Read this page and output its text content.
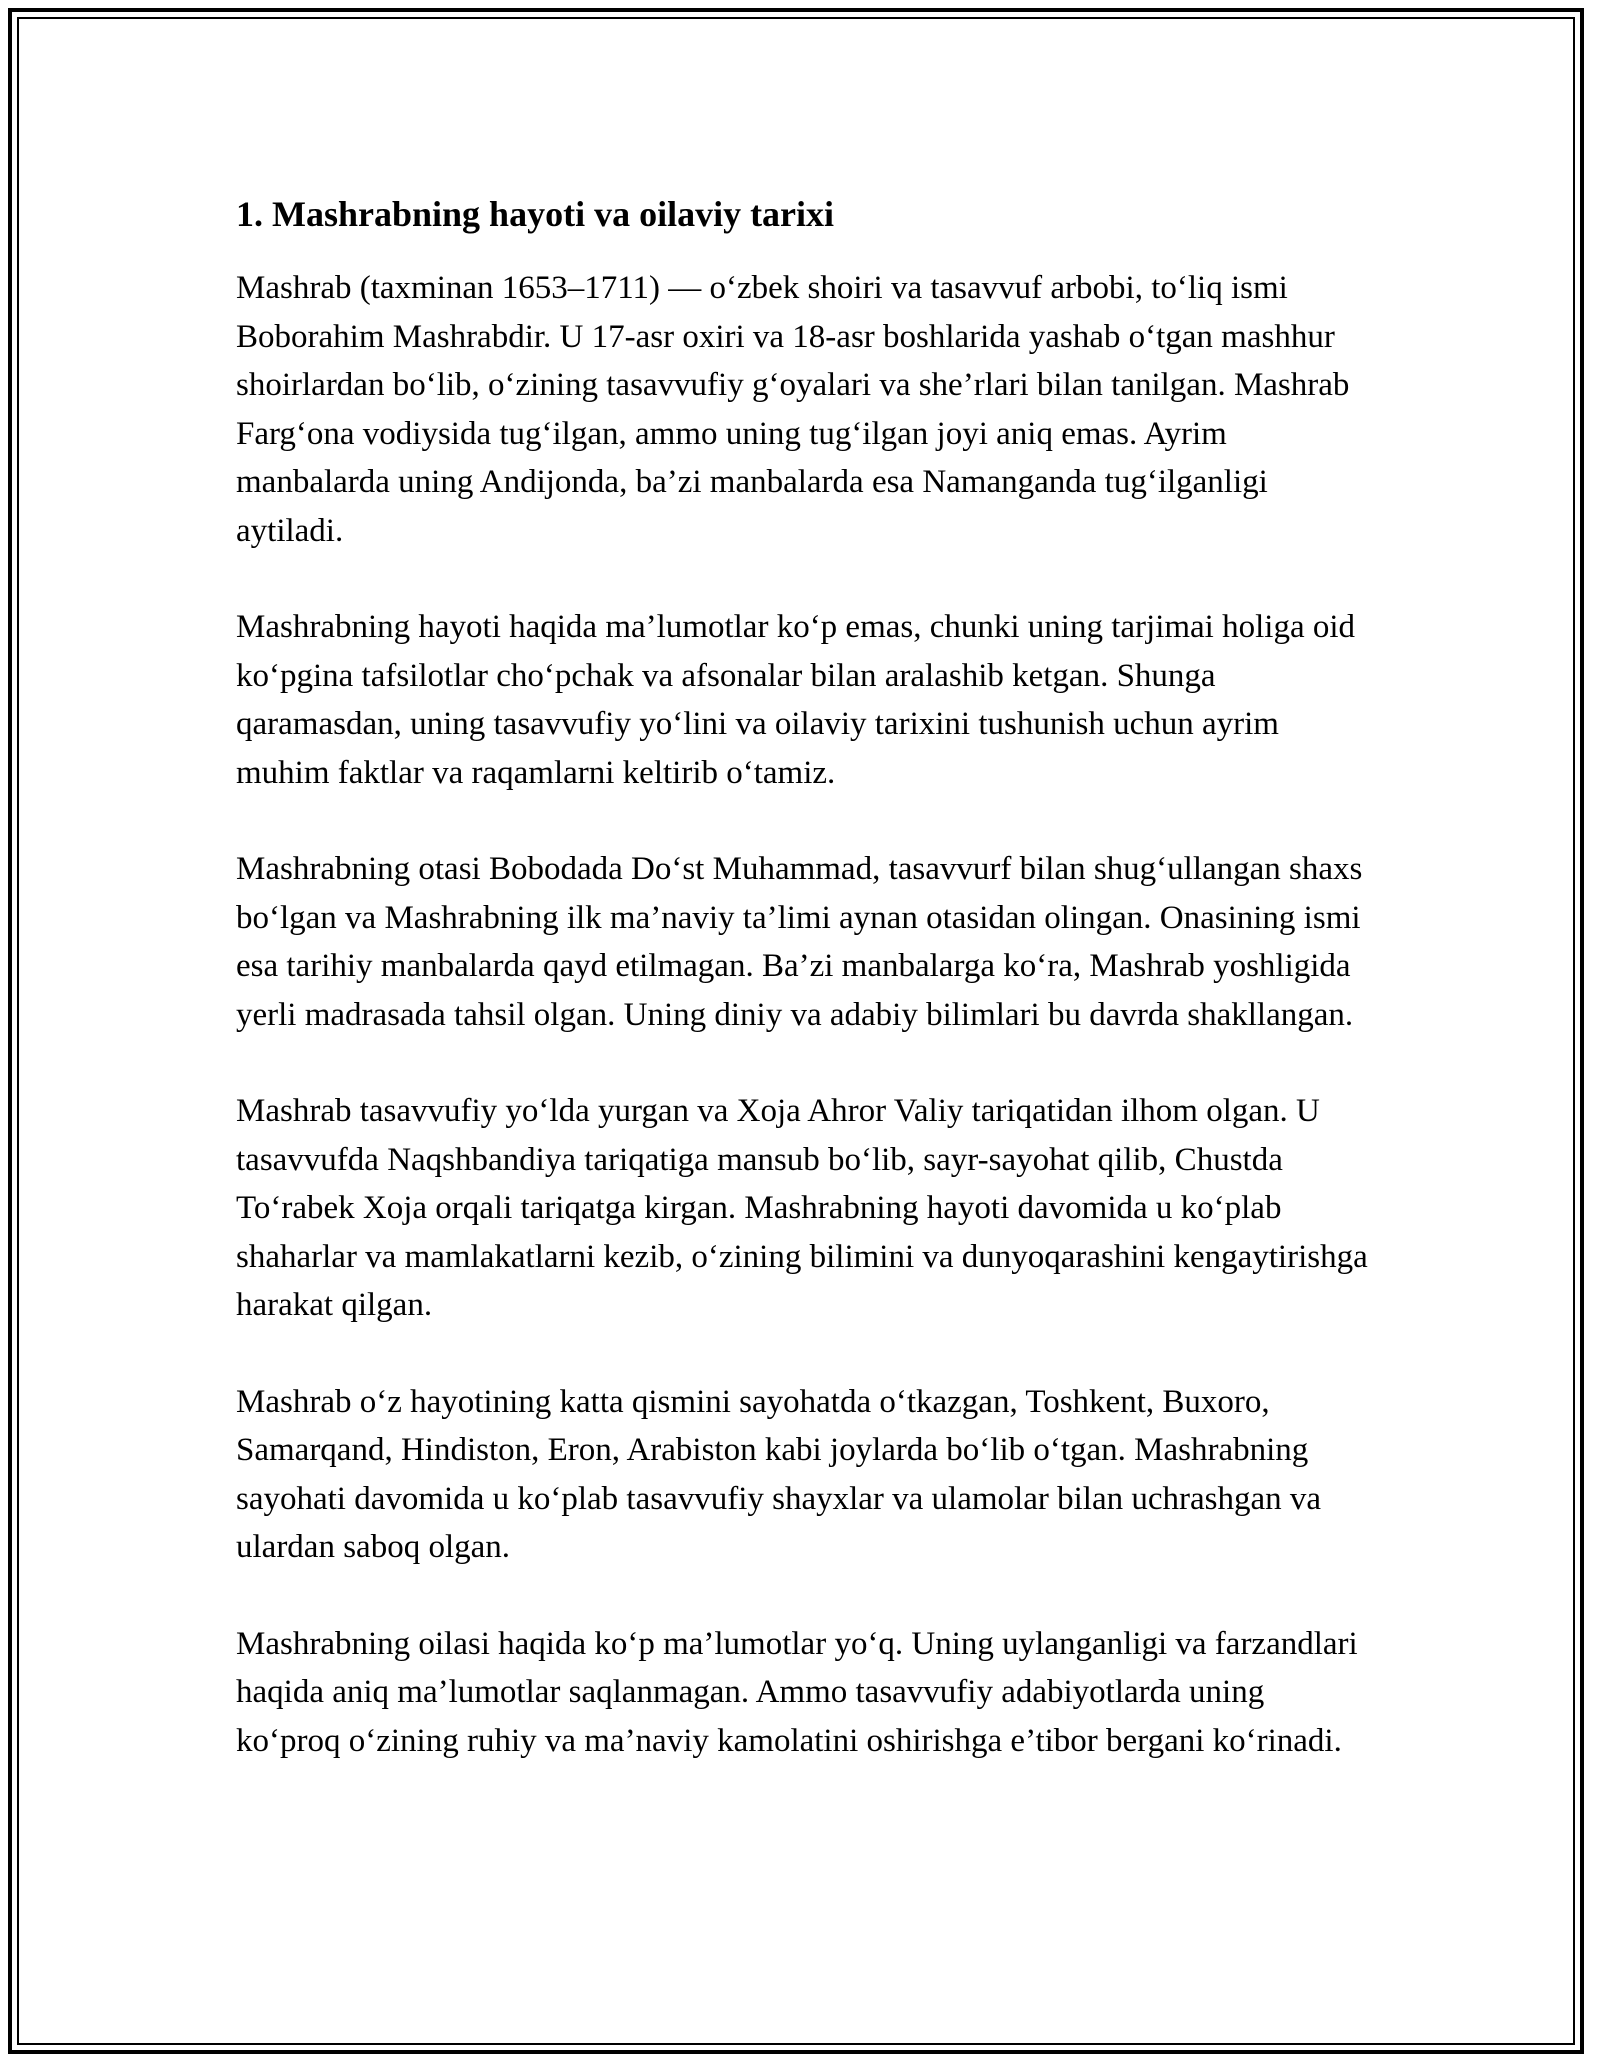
1. Mashrabning hayoti va oilaviy tarixi

Mashrab (taxminan 1653–1711) — o‘zbek shoiri va tasavvuf arbobi, to‘liq ismi Boborahim Mashrabdir. U 17-asr oxiri va 18-asr boshlarida yashab o‘tgan mashhur shoirlardan bo‘lib, o‘zining tasavvufiy g‘oyalari va she’rlari bilan tanilgan. Mashrab Farg‘ona vodiysida tug‘ilgan, ammo uning tug‘ilgan joyi aniq emas. Ayrim manbalarda uning Andijonda, ba’zi manbalarda esa Namanganda tug‘ilganligi aytiladi.

Mashrabning hayoti haqida ma’lumotlar ko‘p emas, chunki uning tarjimai holiga oid ko‘pgina tafsilotlar cho‘pchak va afsonalar bilan aralashib ketgan. Shunga qaramasdan, uning tasavvufiy yo‘lini va oilaviy tarixini tushunish uchun ayrim muhim faktlar va raqamlarni keltirib o‘tamiz.

Mashrabning otasi Bobodada Do‘st Muhammad, tasavvurf bilan shug‘ullangan shaxs bo‘lgan va Mashrabning ilk ma’naviy ta’limi aynan otasidan olingan. Onasining ismi esa tarihiy manbalarda qayd etilmagan. Ba’zi manbalarga ko‘ra, Mashrab yoshligida yerli madrasada tahsil olgan. Uning diniy va adabiy bilimlari bu davrda shakllangan.

Mashrab tasavvufiy yo‘lda yurgan va Xoja Ahror Valiy tariqatidan ilhom olgan. U tasavvufda Naqshbandiya tariqatiga mansub bo‘lib, sayr-sayohat qilib, Chustda To‘rabek Xoja orqali tariqatga kirgan. Mashrabning hayoti davomida u ko‘plab shaharlar va mamlakatlarni kezib, o‘zining bilimini va dunyoqarashini kengaytirishga harakat qilgan.

Mashrab o‘z hayotining katta qismini sayohatda o‘tkazgan, Toshkent, Buxoro, Samarqand, Hindiston, Eron, Arabiston kabi joylarda bo‘lib o‘tgan. Mashrabning sayohati davomida u ko‘plab tasavvufiy shayxlar va ulamolar bilan uchrashgan va ulardan saboq olgan.

Mashrabning oilasi haqida ko‘p ma’lumotlar yo‘q. Uning uylanganligi va farzandlari haqida aniq ma’lumotlar saqlanmagan. Ammo tasavvufiy adabiyotlarda uning ko‘proq o‘zining ruhiy va ma’naviy kamolatini oshirishga e’tibor bergani ko‘rinadi.
